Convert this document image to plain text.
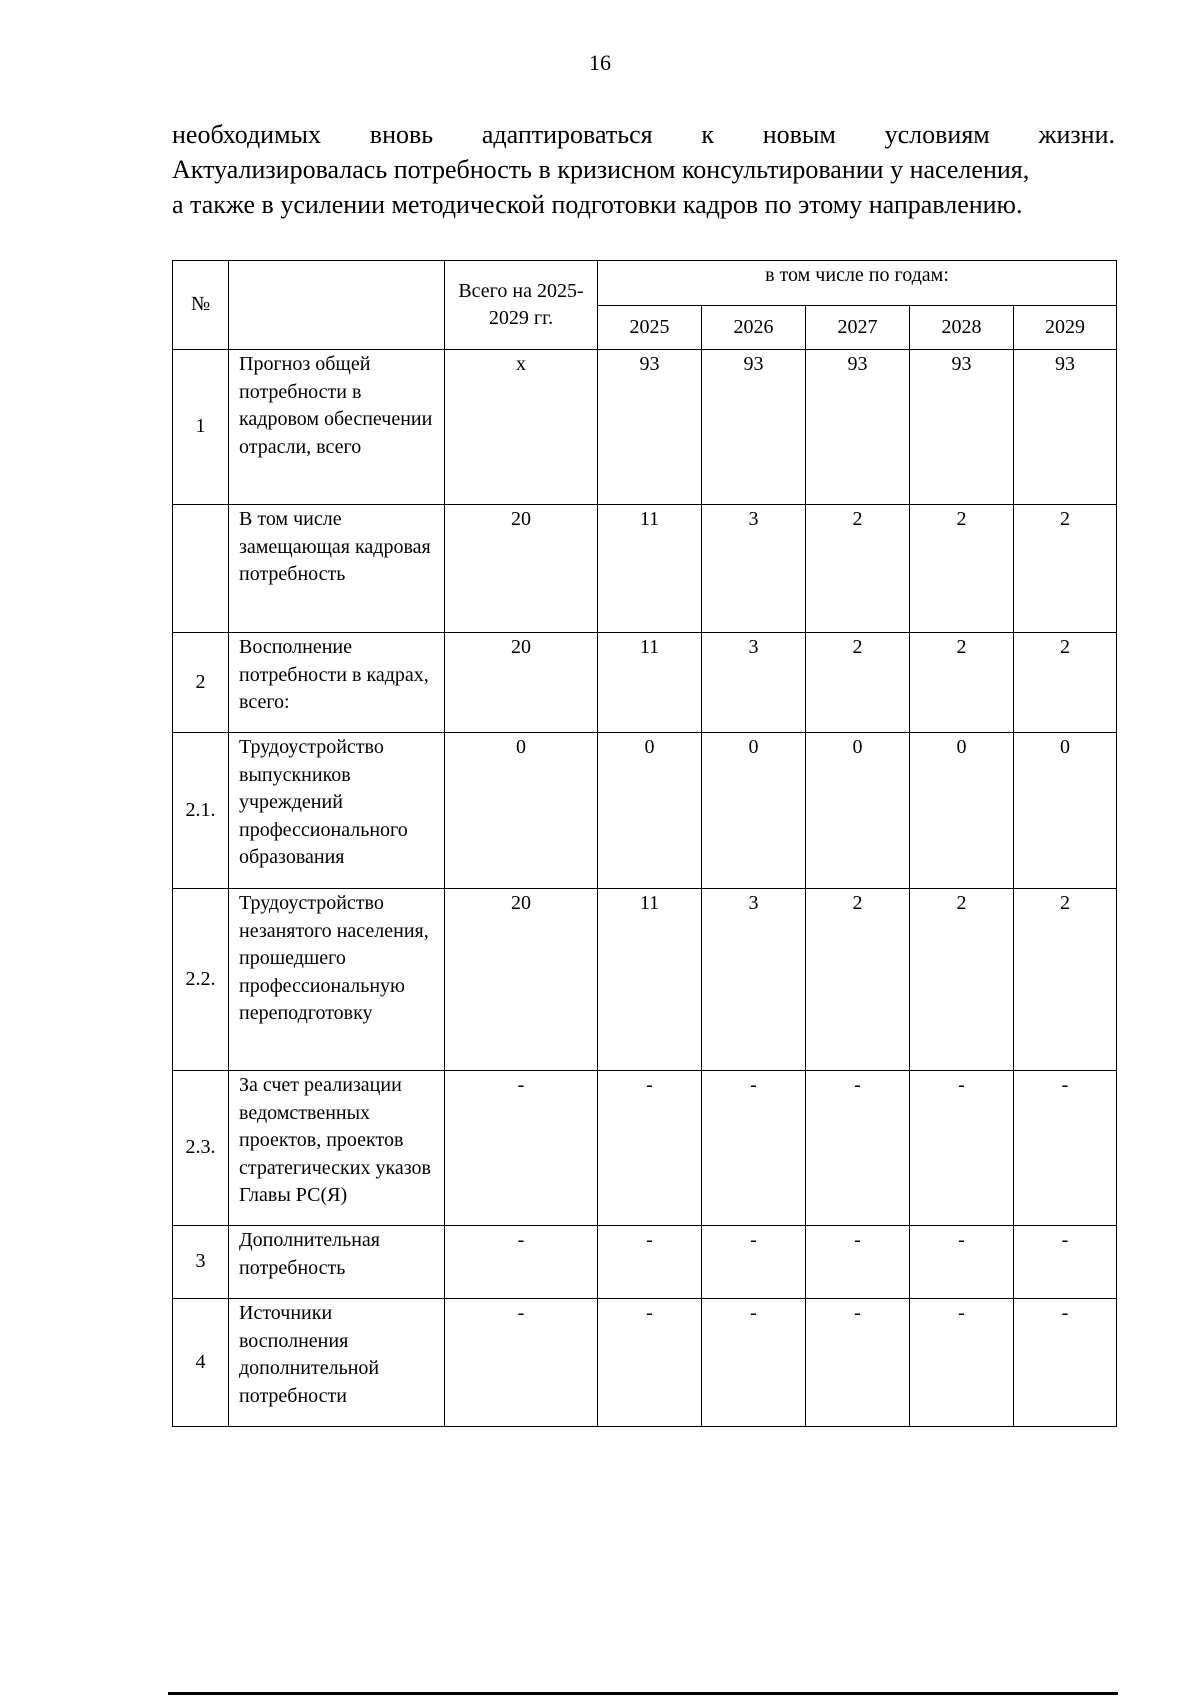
16
необходимых вновь адаптироваться к новым условиям жизни.
Актуализировалась потребность в кризисном консультировании у населения,
а также в усилении методической подготовки кадров по этому направлению.
№		Всего на 2025-2029 гг.	в том числе по годам:				
			2025	2026	2027	2028	2029
1	Прогноз общей потребности в кадровом обеспечении отрасли, всего	х	93	93	93	93	93
	В том числе замещающая кадровая потребность	20	11	3	2	2	2
2	Восполнение потребности в кадрах, всего:	20	11	3	2	2	2
2.1.	Трудоустройство выпускников учреждений профессионального образования	0	0	0	0	0	0
2.2.	Трудоустройство незанятого населения, прошедшего профессиональную переподготовку	20	11	3	2	2	2
2.3.	За счет реализации ведомственных проектов, проектов стратегических указов Главы РС(Я)	-	-	-	-	-	-
3	Дополнительная потребность	-	-	-	-	-	-
4	Источники восполнения дополнительной потребности	-	-	-	-	-	-
